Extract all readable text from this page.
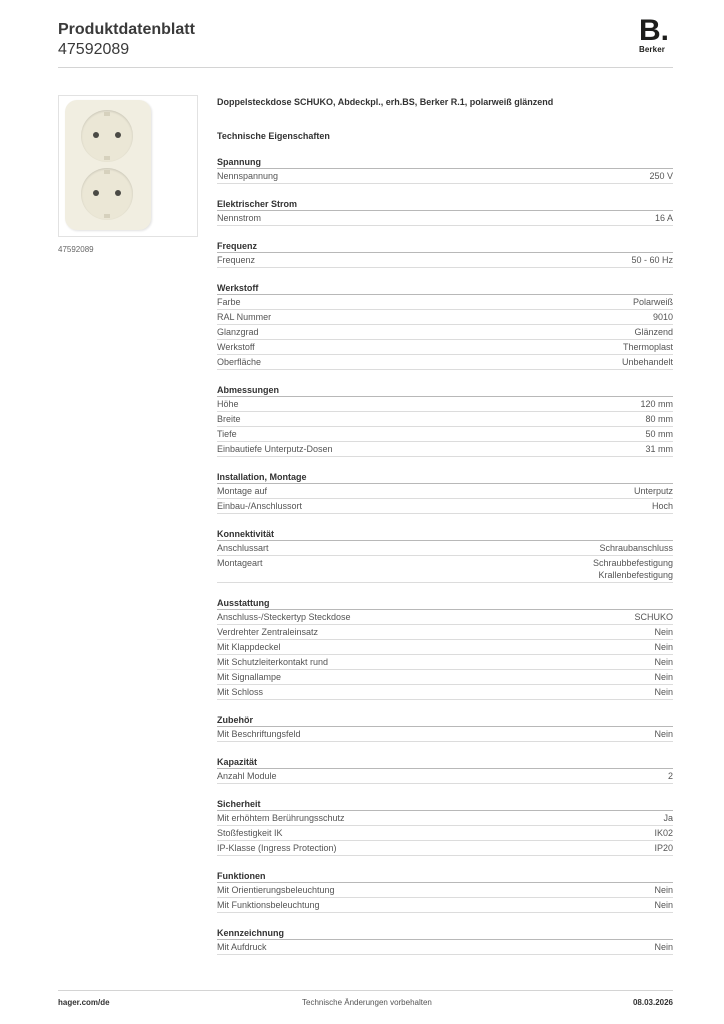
Produktdatenblatt
47592089
B.
Berker
47592089
Doppelsteckdose SCHUKO, Abdeckpl., erh.BS, Berker R.1, polarweiß glänzend
Technische Eigenschaften
Spannung
Nennspannung	250 V
Elektrischer Strom
Nennstrom	16 A
Frequenz
Frequenz	50 - 60 Hz
Werkstoff
Farbe	Polarweiß
RAL Nummer	9010
Glanzgrad	Glänzend
Werkstoff	Thermoplast
Oberfläche	Unbehandelt
Abmessungen
Höhe	120 mm
Breite	80 mm
Tiefe	50 mm
Einbautiefe Unterputz-Dosen	31 mm
Installation, Montage
Montage auf	Unterputz
Einbau-/Anschlussort	Hoch
Konnektivität
Anschlussart	Schraubanschluss
Montageart	Schraubbefestigung
Krallenbefestigung
Ausstattung
Anschluss-/Steckertyp Steckdose	SCHUKO
Verdrehter Zentraleinsatz	Nein
Mit Klappdeckel	Nein
Mit Schutzleiterkontakt rund	Nein
Mit Signallampe	Nein
Mit Schloss	Nein
Zubehör
Mit Beschriftungsfeld	Nein
Kapazität
Anzahl Module	2
Sicherheit
Mit erhöhtem Berührungsschutz	Ja
Stoßfestigkeit IK	IK02
IP-Klasse (Ingress Protection)	IP20
Funktionen
Mit Orientierungsbeleuchtung	Nein
Mit Funktionsbeleuchtung	Nein
Kennzeichnung
Mit Aufdruck	Nein
hager.com/de	Technische Änderungen vorbehalten	08.03.2026
